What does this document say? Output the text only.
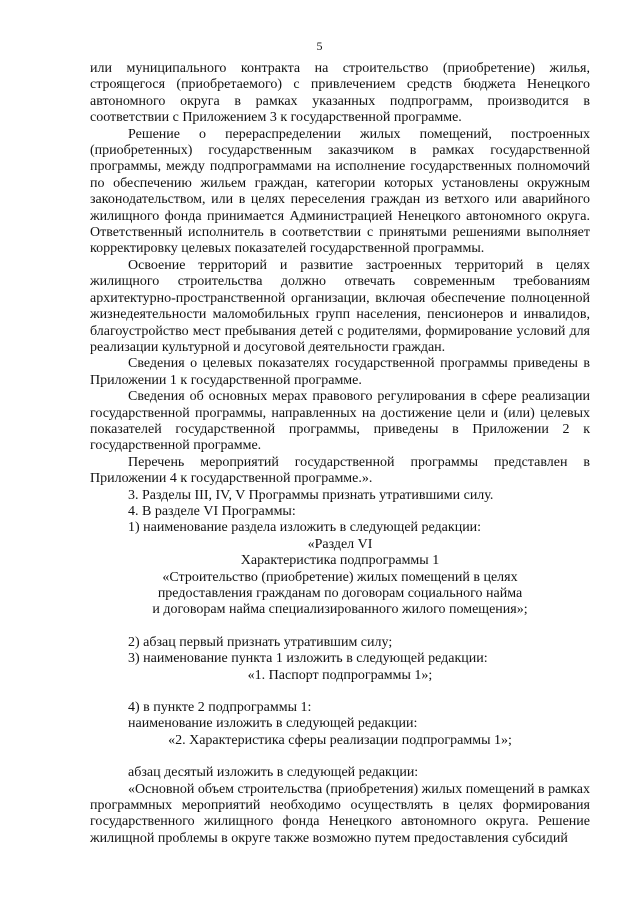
5

или муниципального контракта на строительство (приобретение) жилья, строящегося (приобретаемого) с привлечением средств бюджета Ненецкого автономного округа в рамках указанных подпрограмм, производится в соответствии с Приложением 3 к государственной программе.

Решение о перераспределении жилых помещений, построенных (приобретенных) государственным заказчиком в рамках государственной программы, между подпрограммами на исполнение государственных полномочий по обеспечению жильем граждан, категории которых установлены окружным законодательством, или в целях переселения граждан из ветхого или аварийного жилищного фонда принимается Администрацией Ненецкого автономного округа. Ответственный исполнитель в соответствии с принятыми решениями выполняет корректировку целевых показателей государственной программы.

Освоение территорий и развитие застроенных территорий в целях жилищного строительства должно отвечать современным требованиям архитектурно-пространственной организации, включая обеспечение полноценной жизнедеятельности маломобильных групп населения, пенсионеров и инвалидов, благоустройство мест пребывания детей с родителями, формирование условий для реализации культурной и досуговой деятельности граждан.

Сведения о целевых показателях государственной программы приведены в Приложении 1 к государственной программе.

Сведения об основных мерах правового регулирования в сфере реализации государственной программы, направленных на достижение цели и (или) целевых показателей государственной программы, приведены в Приложении 2 к государственной программе.

Перечень мероприятий государственной программы представлен в Приложении 4 к государственной программе.».

3. Разделы III, IV, V Программы признать утратившими силу.

4. В разделе VI Программы:

1) наименование раздела изложить в следующей редакции:

«Раздел VI

Характеристика подпрограммы 1

«Строительство (приобретение) жилых помещений в целях

предоставления гражданам по договорам социального найма

и договорам найма специализированного жилого помещения»;

2) абзац первый признать утратившим силу;

3) наименование пункта 1 изложить в следующей редакции:

«1. Паспорт подпрограммы 1»;

4) в пункте 2 подпрограммы 1:

наименование изложить в следующей редакции:

«2. Характеристика сферы реализации подпрограммы 1»;

абзац десятый изложить в следующей редакции:

«Основной объем строительства (приобретения) жилых помещений в рамках программных мероприятий необходимо осуществлять в целях формирования государственного жилищного фонда Ненецкого автономного округа. Решение жилищной проблемы в округе также возможно путем предоставления субсидий
